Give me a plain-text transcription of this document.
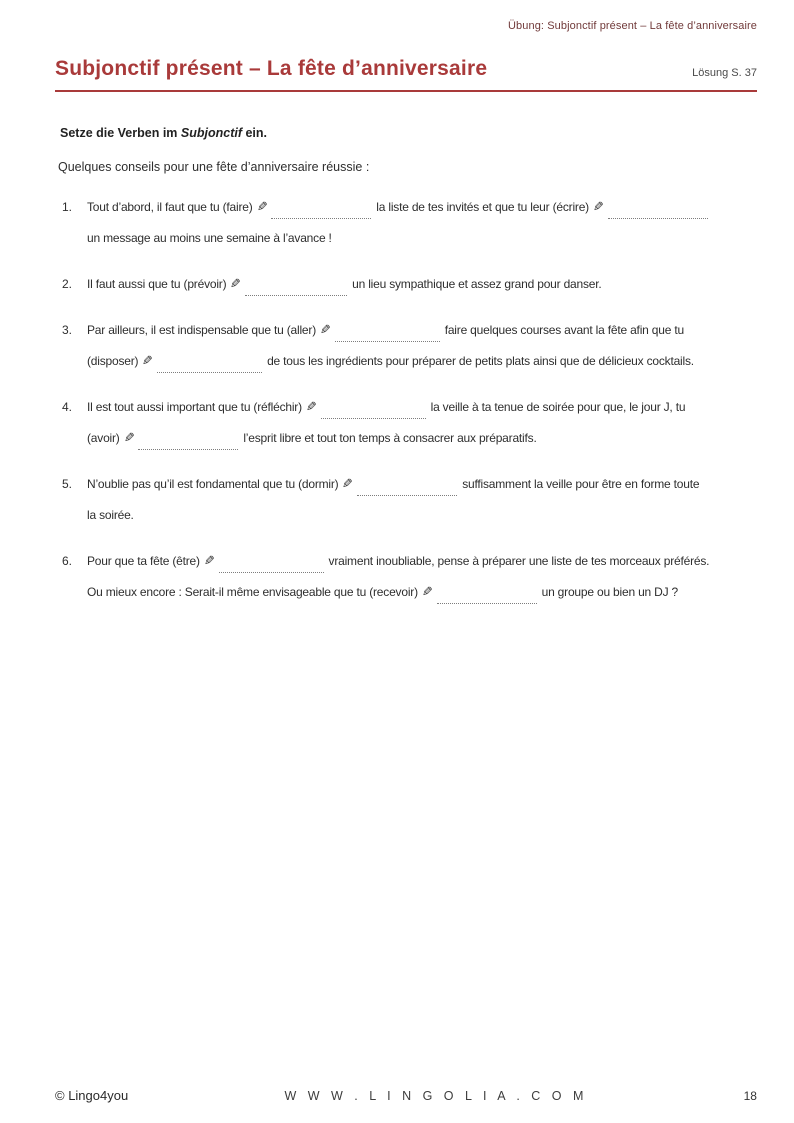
Übung: Subjonctif présent – La fête d’anniversaire
Subjonctif présent – La fête d’anniversaire	Lösung S. 37
Setze die Verben im Subjonctif ein.
Quelques conseils pour une fête d’anniversaire réussie :
1.	Tout d’abord, il faut que tu (faire) ✎	la liste de tes invités et que tu leur (écrire) ✎
un message au moins une semaine à l’avance !
2.	Il faut aussi que tu (prévoir) ✎	un lieu sympathique et assez grand pour danser.
3.	Par ailleurs, il est indispensable que tu (aller) ✎	faire quelques courses avant la fête afin que tu
(disposer) ✎	de tous les ingrédients pour préparer de petits plats ainsi que de délicieux cocktails.
4.	Il est tout aussi important que tu (réfléchir) ✎	la veille à ta tenue de soirée pour que, le jour J, tu
(avoir) ✎	l’esprit libre et tout ton temps à consacrer aux préparatifs.
5.	N’oublie pas qu’il est fondamental que tu (dormir) ✎	suffisamment la veille pour être en forme toute
la soirée.
6.	Pour que ta fête (être) ✎	vraiment inoubliable, pense à préparer une liste de tes morceaux préférés.
Ou mieux encore : Serait-il même envisageable que tu (recevoir) ✎	un groupe ou bien un DJ ?
© Lingo4you	W W W . L I N G O L I A . C O M	18
